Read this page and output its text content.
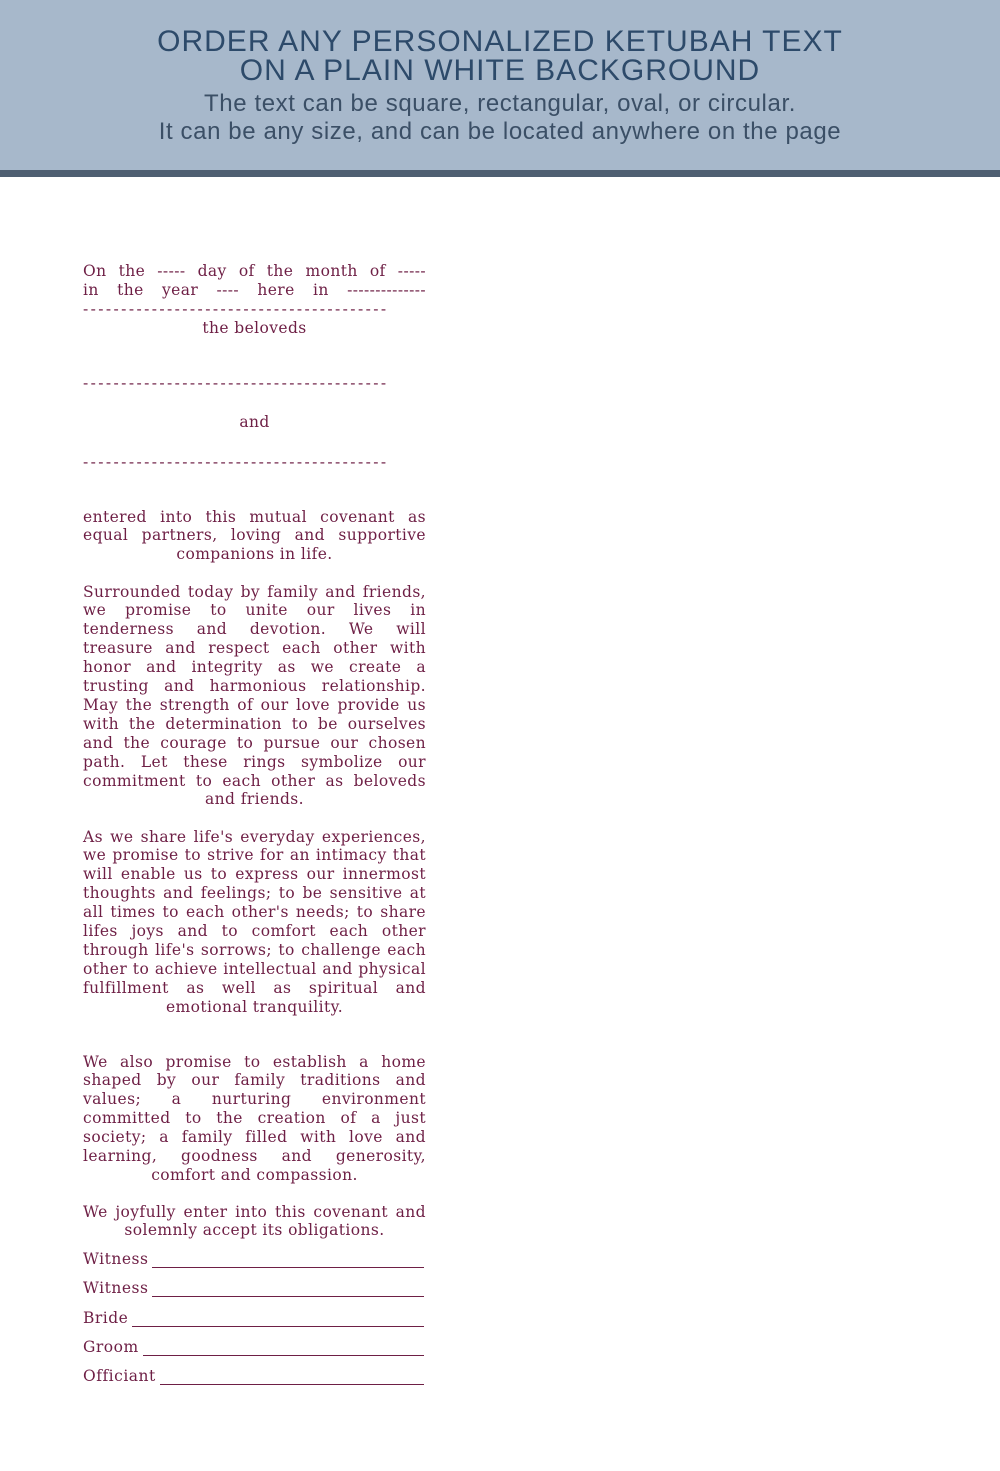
ORDER ANY PERSONALIZED KETUBAH TEXT
ON A PLAIN WHITE BACKGROUND
The text can be square, rectangular, oval, or circular.
It can be any size, and can be located anywhere on the page

On the ----- day of the month of -----

in the year ---- here in --------------

----------------------------------------

the beloveds

----------------------------------------
and
----------------------------------------

entered into this mutual covenant as equal partners, loving and supportive companions in life.

Surrounded today by family and friends, we promise to unite our lives in tenderness and devotion. We will treasure and respect each other with honor and integrity as we create a trusting and harmonious relationship. May the strength of our love provide us with the determination to be ourselves and the courage to pursue our chosen path. Let these rings symbolize our commitment to each other as beloveds and friends.

As we share life's everyday experiences, we promise to strive for an intimacy that will enable us to express our innermost thoughts and feelings; to be sensitive at all times to each other's needs; to share lifes joys and to comfort each other through life's sorrows; to challenge each other to achieve intellectual and physical fulfillment as well as spiritual and emotional tranquility.

We also promise to establish a home shaped by our family traditions and values; a nurturing environment committed to the creation of a just society; a family filled with love and learning, goodness and generosity, comfort and compassion.

We joyfully enter into this covenant and solemnly accept its obligations.

Witness
Witness
Bride
Groom
Officiant
